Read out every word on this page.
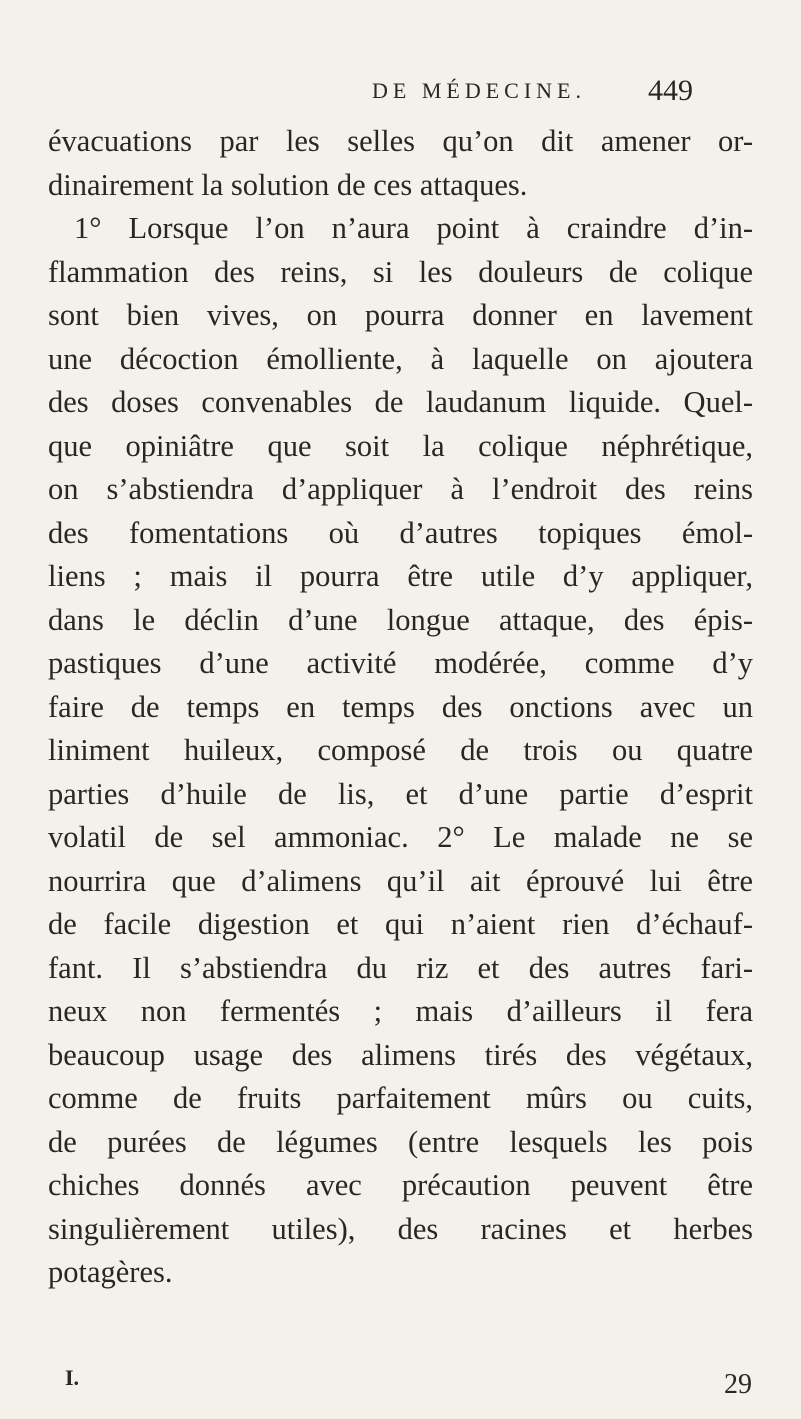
DE MÉDECINE. 449
évacuations par les selles qu’on dit amener or-
dinairement la solution de ces attaques.
1° Lorsque l’on n’aura point à craindre d’in-
flammation des reins, si les douleurs de colique
sont bien vives, on pourra donner en lavement
une décoction émolliente, à laquelle on ajoutera
des doses convenables de laudanum liquide. Quel-
que opiniâtre que soit la colique néphrétique,
on s’abstiendra d’appliquer à l’endroit des reins
des fomentations où d’autres topiques émol-
liens ; mais il pourra être utile d’y appliquer,
dans le déclin d’une longue attaque, des épis-
pastiques d’une activité modérée, comme d’y
faire de temps en temps des onctions avec un
liniment huileux, composé de trois ou quatre
parties d’huile de lis, et d’une partie d’esprit
volatil de sel ammoniac. 2° Le malade ne se
nourrira que d’alimens qu’il ait éprouvé lui être
de facile digestion et qui n’aient rien d’échauf-
fant. Il s’abstiendra du riz et des autres fari-
neux non fermentés ; mais d’ailleurs il fera
beaucoup usage des alimens tirés des végétaux,
comme de fruits parfaitement mûrs ou cuits,
de purées de légumes (entre lesquels les pois
chiches donnés avec précaution peuvent être
singulièrement utiles), des racines et herbes
potagères.
I.	29
